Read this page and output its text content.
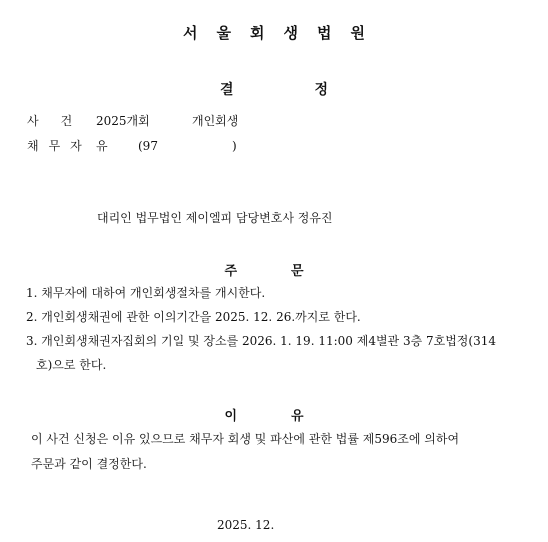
서울회생법원
결정
사건 2025개회	개인회생
채무자 유	(97	)
대리인 법무법인 제이엘피 담당변호사 정유진
주문
1. 채무자에 대하여 개인회생절차를 개시한다.
2. 개인회생채권에 관한 이의기간을 2025. 12. 26.까지로 한다.
3. 개인회생채권자집회의 기일 및 장소를 2026. 1. 19. 11:00 제4별관 3층 7호법정(314
호)으로 한다.
이유
이 사건 신청은 이유 있으므로 채무자 회생 및 파산에 관한 법률 제596조에 의하여
주문과 같이 결정한다.
2025. 12.
